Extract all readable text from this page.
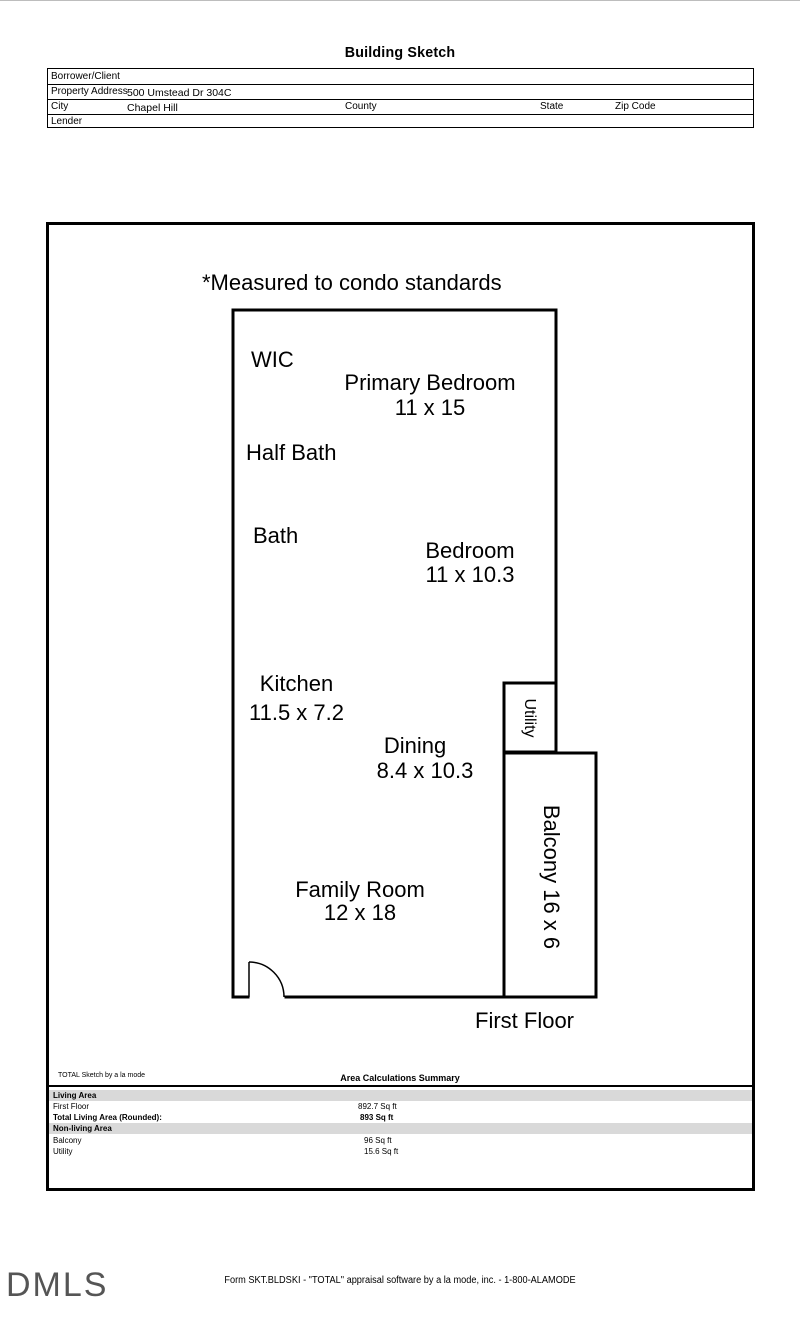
Building Sketch
Borrower/Client
Property Address 500 Umstead Dr 304C
City	Chapel Hill	County	State	Zip Code
Lender
*Measured to condo standards
WIC
Primary Bedroom
11 x 15
Half Bath
Bath
Bedroom
11 x 10.3
Kitchen
11.5 x 7.2
Dining
8.4 x 10.3
Family Room
12 x 18
Utility
Balcony 16 x 6
First Floor
TOTAL Sketch by a la mode	Area Calculations Summary
Living Area
First Floor	892.7 Sq ft
Total Living Area (Rounded):	893 Sq ft
Non-living Area
Balcony	96 Sq ft
Utility	15.6 Sq ft
DMLS	Form SKT.BLDSKI - "TOTAL" appraisal software by a la mode, inc. - 1-800-ALAMODE
